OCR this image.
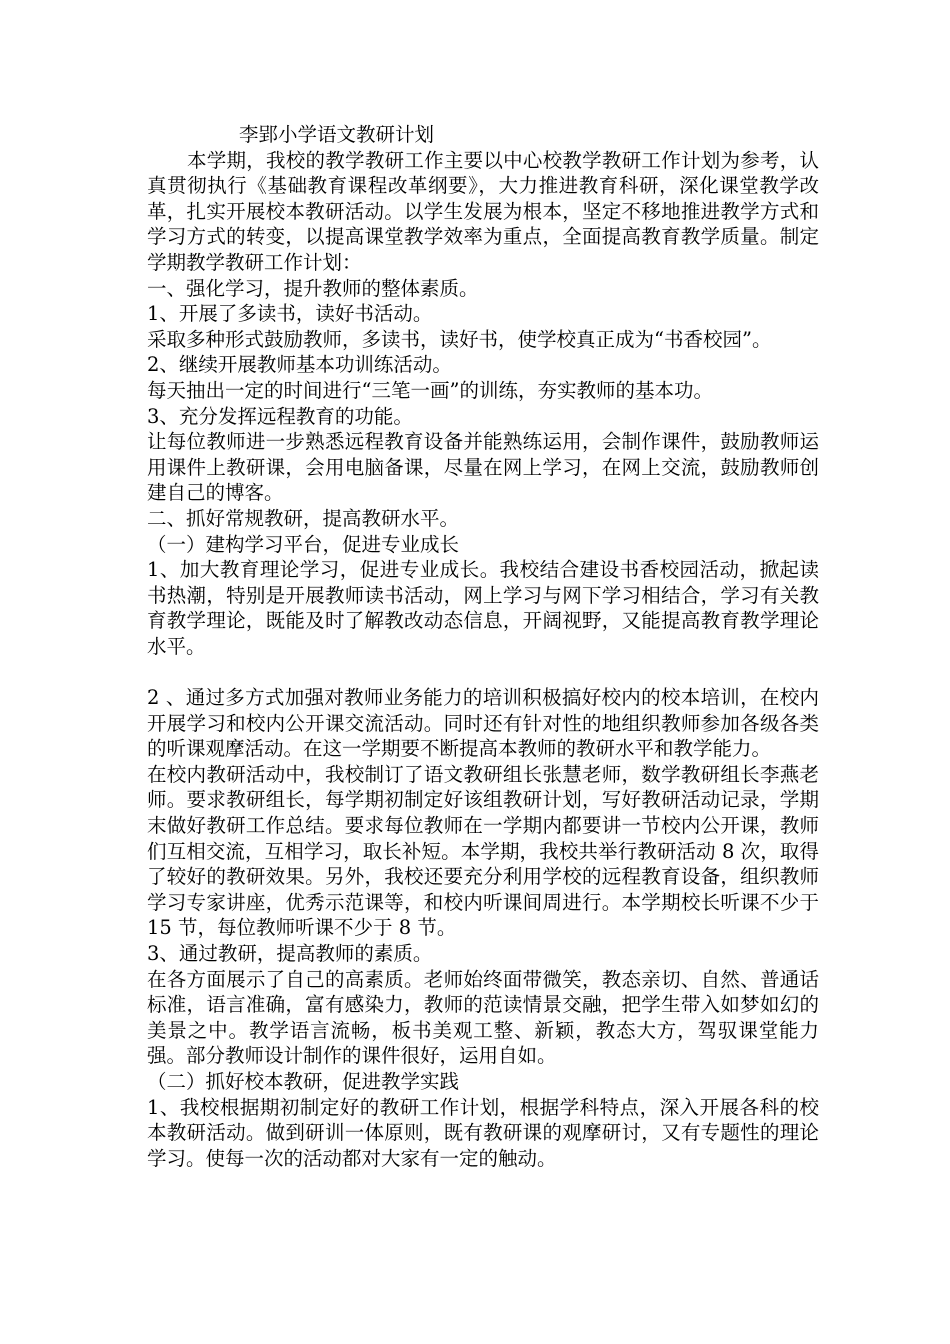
李郢小学语文教研计划

本学期，我校的教学教研工作主要以中心校教学教研工作计划为参考，认真贯彻执行《基础教育课程改革纲要》，大力推进教育科研，深化课堂教学改革，扎实开展校本教研活动。以学生发展为根本，坚定不移地推进教学方式和学习方式的转变，以提高课堂教学效率为重点，全面提高教育教学质量。制定学期教学教研工作计划：

一、强化学习，提升教师的整体素质。

1、开展了多读书，读好书活动。

采取多种形式鼓励教师，多读书，读好书，使学校真正成为“书香校园”。

2、继续开展教师基本功训练活动。

每天抽出一定的时间进行“三笔一画”的训练，夯实教师的基本功。

3、充分发挥远程教育的功能。

让每位教师进一步熟悉远程教育设备并能熟练运用，会制作课件，鼓励教师运用课件上教研课，会用电脑备课，尽量在网上学习，在网上交流，鼓励教师创建自己的博客。

二、抓好常规教研，提高教研水平。

（一）建构学习平台，促进专业成长

1、加大教育理论学习，促进专业成长。我校结合建设书香校园活动，掀起读书热潮，特别是开展教师读书活动，网上学习与网下学习相结合，学习有关教育教学理论，既能及时了解教改动态信息，开阔视野，又能提高教育教学理论水平。

2 、通过多方式加强对教师业务能力的培训积极搞好校内的校本培训，在校内开展学习和校内公开课交流活动。同时还有针对性的地组织教师参加各级各类的听课观摩活动。在这一学期要不断提高本教师的教研水平和教学能力。

在校内教研活动中，我校制订了语文教研组长张慧老师，数学教研组长李燕老师。要求教研组长，每学期初制定好该组教研计划，写好教研活动记录，学期末做好教研工作总结。要求每位教师在一学期内都要讲一节校内公开课，教师们互相交流，互相学习，取长补短。本学期，我校共举行教研活动 8 次，取得了较好的教研效果。另外，我校还要充分利用学校的远程教育设备，组织教师学习专家讲座，优秀示范课等，和校内听课间周进行。本学期校长听课不少于 15 节，每位教师听课不少于 8 节。

3、通过教研，提高教师的素质。

在各方面展示了自己的高素质。老师始终面带微笑，教态亲切、自然、普通话标准，语言准确，富有感染力，教师的范读情景交融，把学生带入如梦如幻的美景之中。教学语言流畅，板书美观工整、新颖，教态大方，驾驭课堂能力强。部分教师设计制作的课件很好，运用自如。

（二）抓好校本教研，促进教学实践

1、我校根据期初制定好的教研工作计划，根据学科特点，深入开展各科的校本教研活动。做到研训一体原则，既有教研课的观摩研讨，又有专题性的理论学习。使每一次的活动都对大家有一定的触动。
